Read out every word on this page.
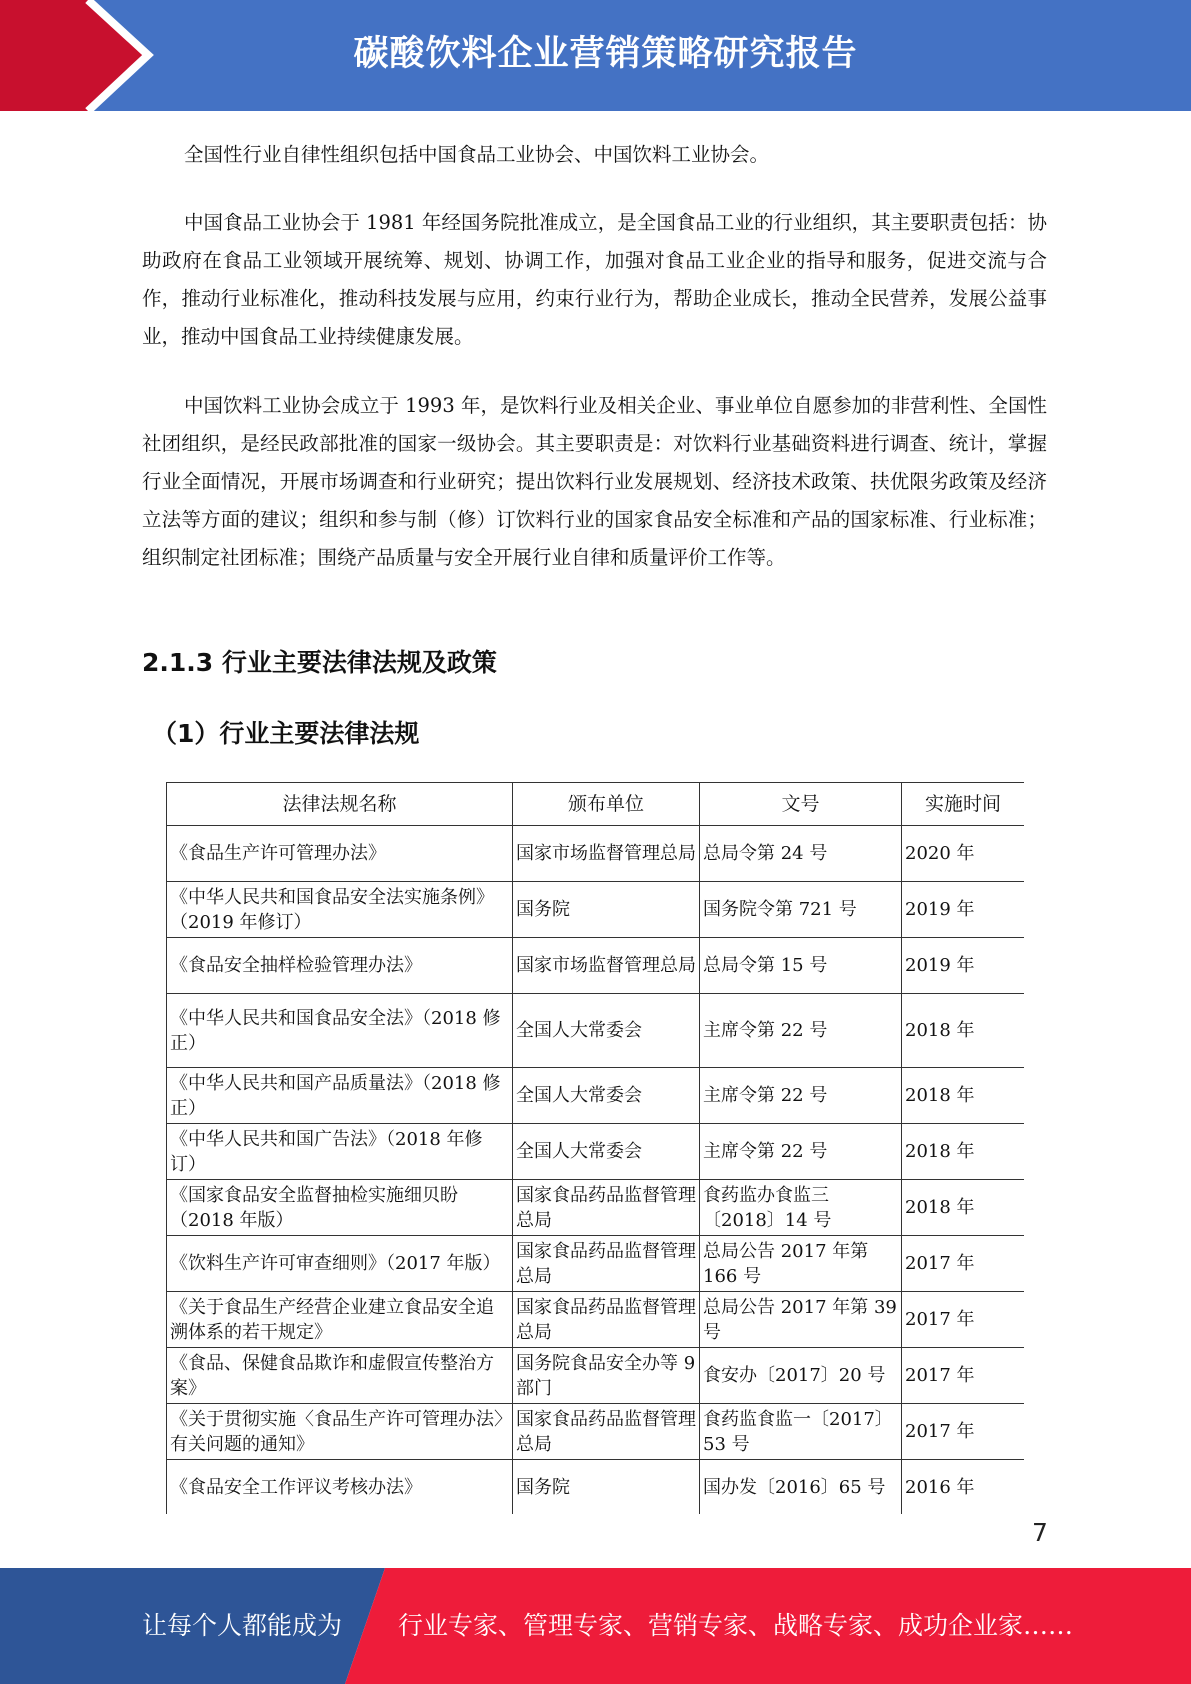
碳酸饮料企业营销策略研究报告
全国性行业自律性组织包括中国食品工业协会、中国饮料工业协会。
中国食品工业协会于 1981 年经国务院批准成立，是全国食品工业的行业组织，其主要职责包括：协助政府在食品工业领域开展统筹、规划、协调工作，加强对食品工业企业的指导和服务，促进交流与合作，推动行业标准化，推动科技发展与应用，约束行业行为，帮助企业成长，推动全民营养，发展公益事业，推动中国食品工业持续健康发展。
中国饮料工业协会成立于 1993 年，是饮料行业及相关企业、事业单位自愿参加的非营利性、全国性社团组织，是经民政部批准的国家一级协会。其主要职责是：对饮料行业基础资料进行调查、统计，掌握行业全面情况，开展市场调查和行业研究；提出饮料行业发展规划、经济技术政策、扶优限劣政策及经济立法等方面的建议；组织和参与制（修）订饮料行业的国家食品安全标准和产品的国家标准、行业标准；组织制定社团标准；围绕产品质量与安全开展行业自律和质量评价工作等。
2.1.3 行业主要法律法规及政策
（1）行业主要法律法规
法律法规名称	颁布单位	文号	实施时间
《食品生产许可管理办法》	国家市场监督管理总局	总局令第 24 号	2020 年
《中华人民共和国食品安全法实施条例》（2019 年修订）	国务院	国务院令第 721 号	2019 年
《食品安全抽样检验管理办法》	国家市场监督管理总局	总局令第 15 号	2019 年
《中华人民共和国食品安全法》（2018 修正）	全国人大常委会	主席令第 22 号	2018 年
《中华人民共和国产品质量法》（2018 修正）	全国人大常委会	主席令第 22 号	2018 年
《中华人民共和国广告法》（2018 年修订）	全国人大常委会	主席令第 22 号	2018 年
《国家食品安全监督抽检实施细贝盼（2018 年版）	国家食品药品监督管理总局	食药监办食监三〔2018〕14 号	2018 年
《饮料生产许可审查细则》（2017 年版）	国家食品药品监督管理总局	总局公告 2017 年第 166 号	2017 年
《关于食品生产经营企业建立食品安全追溯体系的若干规定》	国家食品药品监督管理总局	总局公告 2017 年第 39 号	2017 年
《食品、保健食品欺诈和虚假宣传整治方案》	国务院食品安全办等 9 部门	食安办〔2017〕20 号	2017 年
《关于贯彻实施〈食品生产许可管理办法〉有关问题的通知》	国家食品药品监督管理总局	食药监食监一〔2017〕53 号	2017 年
《食品安全工作评议考核办法》	国务院	国办发〔2016〕65 号	2016 年
7
让每个人都能成为 行业专家、管理专家、营销专家、战略专家、成功企业家……
